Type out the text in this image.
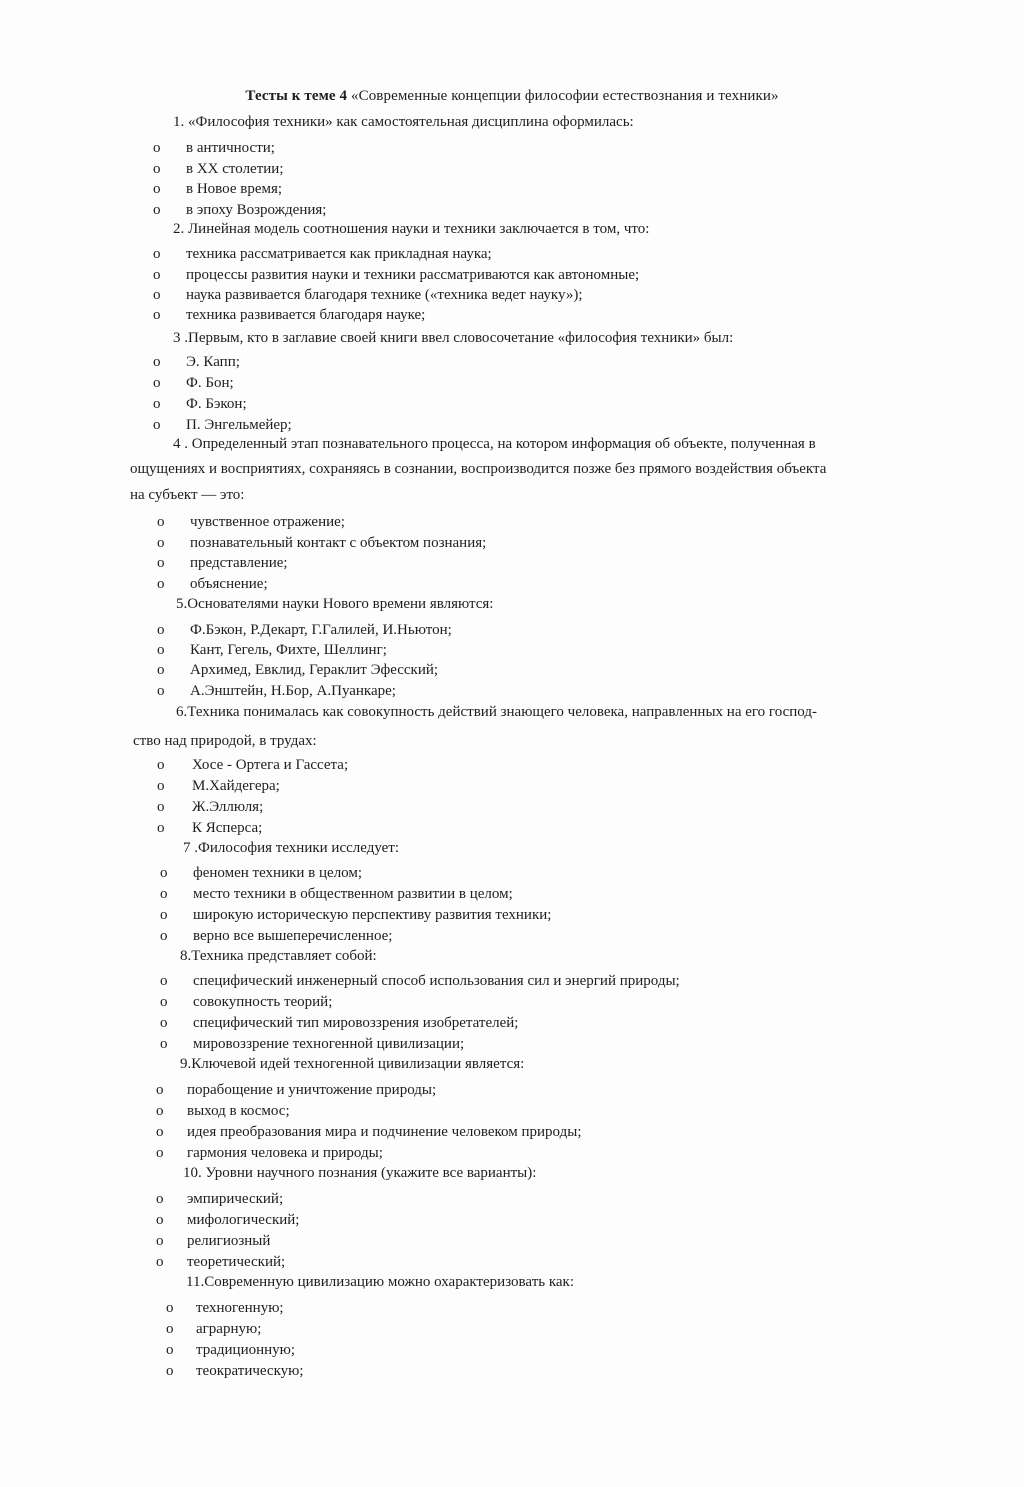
Тесты к теме 4 «Современные концепции философии естествознания и техники»
1. «Философия техники» как самостоятельная дисциплина оформилась:
o в античности;
o в XX столетии;
o в Новое время;
o в эпоху Возрождения;
2. Линейная модель соотношения науки и техники заключается в том, что:
o техника рассматривается как прикладная наука;
o процессы развития науки и техники рассматриваются как автономные;
o наука развивается благодаря технике («техника ведет науку»);
o техника развивается благодаря науке;
3 .Первым, кто в заглавие своей книги ввел словосочетание «философия техники» был:
o Э. Капп;
o Ф. Бон;
o Ф. Бэкон;
o П. Энгельмейер;
4 . Определенный этап познавательного процесса, на котором информация об объекте, полученная в
ощущениях и восприятиях, сохраняясь в сознании, воспроизводится позже без прямого воздействия объекта
на субъект — это:
o чувственное отражение;
o познавательный контакт с объектом познания;
o представление;
o объяснение;
5.Основателями науки Нового времени являются:
o Ф.Бэкон, Р.Декарт, Г.Галилей, И.Ньютон;
o Кант, Гегель, Фихте, Шеллинг;
o Архимед, Евклид, Гераклит Эфесский;
o А.Энштейн, Н.Бор, А.Пуанкаре;
6.Техника понималась как совокупность действий знающего человека, направленных на его господ-
ство над природой, в трудах:
o Хосе - Ортега и Гассета;
o М.Хайдегера;
o Ж.Эллюля;
o К Ясперса;
7 .Философия техники исследует:
o феномен техники в целом;
o место техники в общественном развитии в целом;
o широкую историческую перспективу развития техники;
o верно все вышеперечисленное;
8.Техника представляет собой:
o специфический инженерный способ использования сил и энергий природы;
o совокупность теорий;
o специфический тип мировоззрения изобретателей;
o мировоззрение техногенной цивилизации;
9.Ключевой идей техногенной цивилизации является:
o порабощение и уничтожение природы;
o выход в космос;
o идея преобразования мира и подчинение человеком природы;
o гармония человека и природы;
10. Уровни научного познания (укажите все варианты):
o эмпирический;
o мифологический;
o религиозный
o теоретический;
11.Современную цивилизацию можно охарактеризовать как:
o техногенную;
o аграрную;
o традиционную;
o теократическую;
